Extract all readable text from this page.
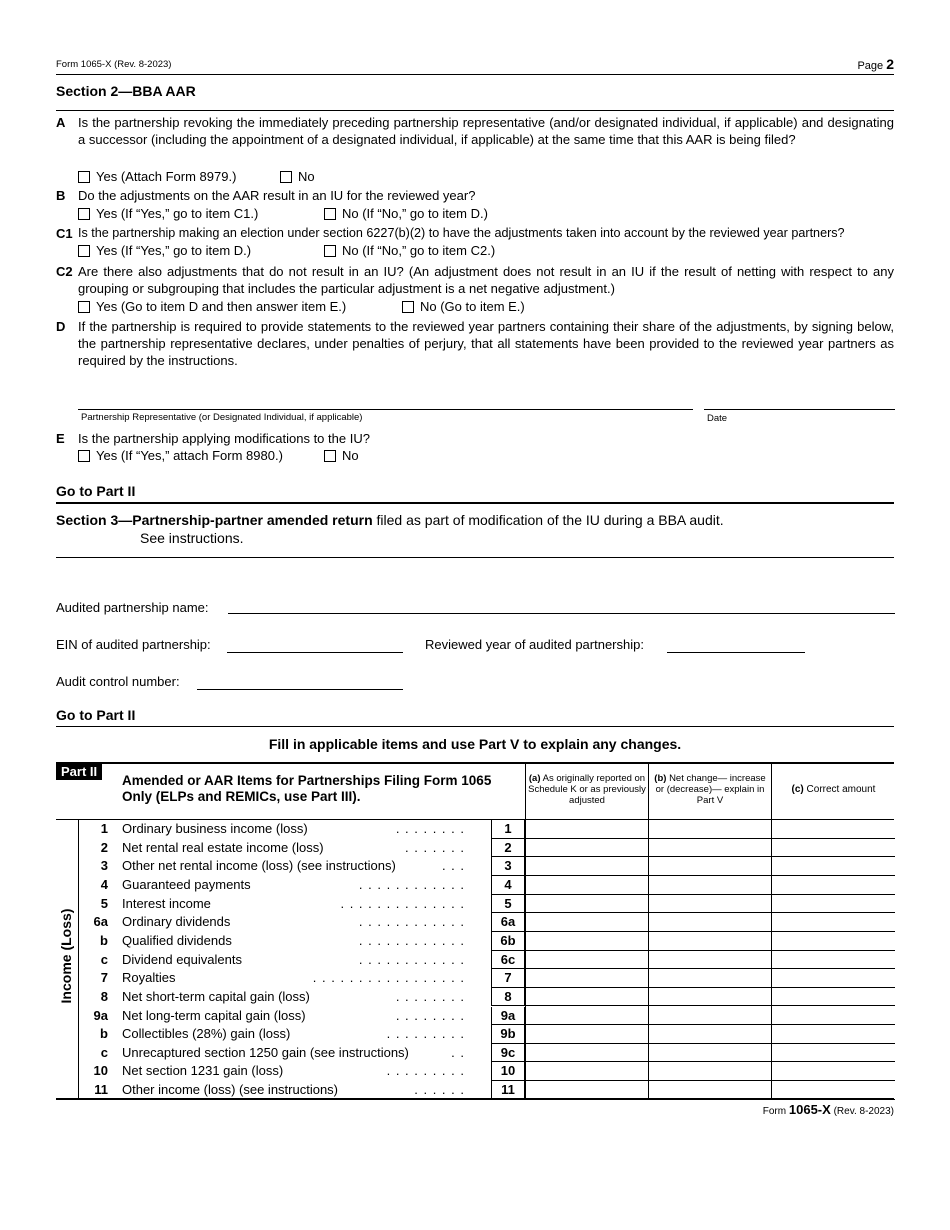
Form 1065-X (Rev. 8-2023)	Page 2
Section 2—BBA AAR
A Is the partnership revoking the immediately preceding partnership representative (and/or designated individual, if applicable) and designating a successor (including the appointment of a designated individual, if applicable) at the same time that this AAR is being filed?
Yes (Attach Form 8979.)	No
B Do the adjustments on the AAR result in an IU for the reviewed year?
Yes (If “Yes,” go to item C1.)	No (If “No,” go to item D.)
C1 Is the partnership making an election under section 6227(b)(2) to have the adjustments taken into account by the reviewed year partners?
Yes (If “Yes,” go to item D.)	No (If “No,” go to item C2.)
C2 Are there also adjustments that do not result in an IU? (An adjustment does not result in an IU if the result of netting with respect to any grouping or subgrouping that includes the particular adjustment is a net negative adjustment.)
Yes (Go to item D and then answer item E.)	No (Go to item E.)
D If the partnership is required to provide statements to the reviewed year partners containing their share of the adjustments, by signing below, the partnership representative declares, under penalties of perjury, that all statements have been provided to the reviewed year partners as required by the instructions.
Partnership Representative (or Designated Individual, if applicable)	Date
E Is the partnership applying modifications to the IU?
Yes (If “Yes,” attach Form 8980.)	No
Go to Part II
Section 3—Partnership-partner amended return filed as part of modification of the IU during a BBA audit.
See instructions.
Audited partnership name:
EIN of audited partnership:	Reviewed year of audited partnership:
Audit control number:
Go to Part II
Fill in applicable items and use Part V to explain any changes.
Part II
Amended or AAR Items for Partnerships Filing Form 1065 Only (ELPs and REMICs, use Part III).
(a) As originally reported on Schedule K or as previously adjusted
(b) Net change— increase or (decrease)— explain in Part V
(c) Correct amount
Income (Loss)
1 Ordinary business income (loss)	. . . . . . . .	1
2 Net rental real estate income (loss)	. . . . . . .	2
3 Other net rental income (loss) (see instructions)	. . .	3
4 Guaranteed payments	. . . . . . . . . . . .	4
5 Interest income	. . . . . . . . . . . . . .	5
6a Ordinary dividends	. . . . . . . . . . . .	6a
b Qualified dividends	. . . . . . . . . . . .	6b
c Dividend equivalents	. . . . . . . . . . . .	6c
7 Royalties	. . . . . . . . . . . . . . . . .	7
8 Net short-term capital gain (loss)	. . . . . . . .	8
9a Net long-term capital gain (loss)	. . . . . . . .	9a
b Collectibles (28%) gain (loss)	. . . . . . . . .	9b
c Unrecaptured section 1250 gain (see instructions)	. .	9c
10 Net section 1231 gain (loss)	. . . . . . . . .	10
11 Other income (loss) (see instructions)	. . . . . .	11
Form 1065-X (Rev. 8-2023)
